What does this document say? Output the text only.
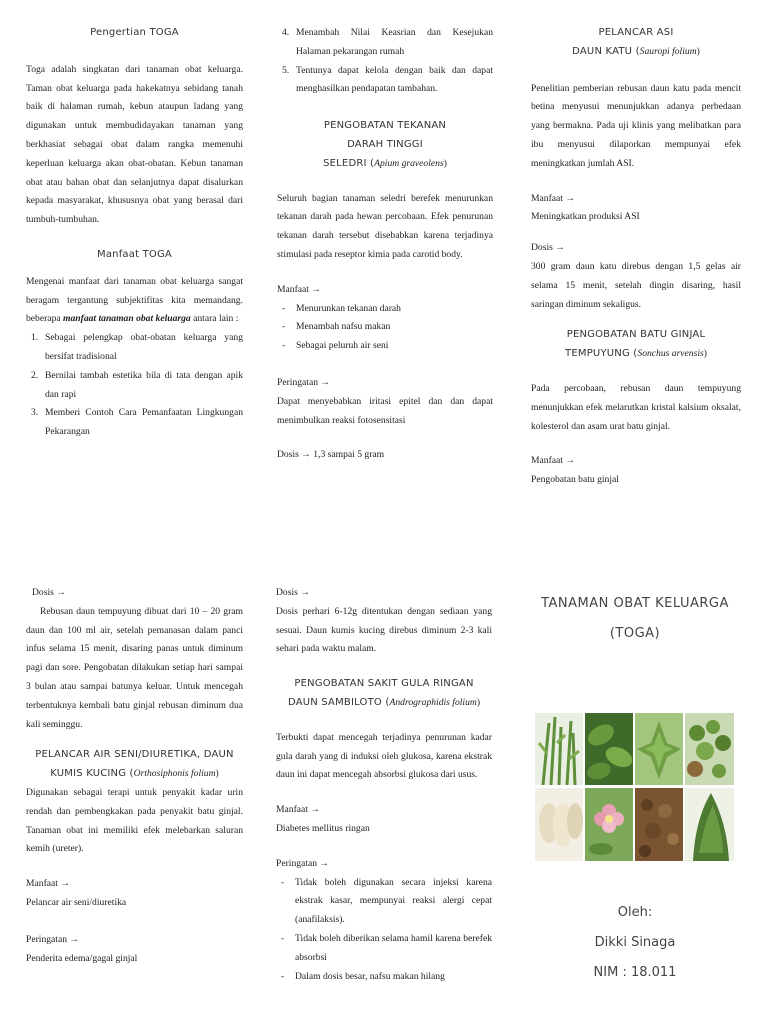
Pengertian TOGA
Toga adalah singkatan dari tanaman obat keluarga. Taman obat keluarga pada hakekatnya sebidang tanah baik di halaman rumah, kebun ataupun ladang yang digunakan untuk membudidayakan tanaman yang berkhasiat sebagai obat dalam rangka memenuhi keperluan keluarga akan obat-obatan. Kebun tanaman obat atau bahan obat dan selanjutnya dapat disalurkan kepada masyarakat, khususnya obat yang berasal dari tumbuh-tumbuhan.
Manfaat TOGA
Mengenai manfaat dari tanaman obat keluarga sangat beragam tergantung subjektifitas kita memandang. beberapa manfaat tanaman obat keluarga antara lain :
1. Sebagai pelengkap obat-obatan keluarga yang bersifat tradisional
2. Bernilai tambah estetika bila di tata dengan apik dan rapi
3. Memberi Contoh Cara Pemanfaatan Lingkungan Pekarangan
4. Menambah Nilai Keasrian dan Kesejukan Halaman pekarangan rumah
5. Tentunya dapat kelola dengan baik dan dapat menghasilkan pendapatan tambahan.
PENGOBATAN TEKANAN DARAH TINGGI
SELEDRI (Apium graveolens)
Seluruh bagian tanaman seledri berefek menurunkan tekanan darah pada hewan percobaan. Efek penurunan tekanan darah tersebut disebabkan karena terjadinya stimulasi pada reseptor kimia pada carotid body.
Manfaat →
- Menurunkan tekanan darah
- Menambah nafsu makan
- Sebagai peluruh air seni
Peringatan →
Dapat menyebabkan iritasi epitel dan dan dapat menimbulkan reaksi fotosensitasi
Dosis → 1,3 sampai 5 gram
PELANCAR ASI
DAUN KATU (Sauropi folium)
Penelitian pemberian rebusan daun katu pada mencit betina menyusui menunjukkan adanya perbedaan yang bermakna. Pada uji klinis yang melibatkan para ibu menyusui dilaporkan mempunyai efek meningkatkan jumlah ASI.
Manfaat →
Meningkatkan produksi ASI
Dosis →
300 gram daun katu direbus dengan 1,5 gelas air selama 15 menit, setelah dingin disaring, hasil saringan diminum sekaligus.
PENGOBATAN BATU GINJAL
TEMPUYUNG (Sonchus arvensis)
Pada percobaan, rebusan daun tempuyung menunjukkan efek melarutkan kristal kalsium oksalat, kolesterol dan asam urat batu ginjal.
Manfaat →
Pengobatan batu ginjal
Dosis →
Rebusan daun tempuyung dibuat dari 10 – 20 gram daun dan 100 ml air, setelah pemanasan dalam panci infus selama 15 menit, disaring panas untuk diminum pagi dan sore. Pengobatan dilakukan setiap hari sampai 3 bulan atau sampai batunya keluar. Untuk mencegah terbentuknya kembali batu ginjal rebusan diminum dua kali seminggu.
PELANCAR AIR SENI/DIURETIKA, DAUN KUMIS KUCING (Orthosiphonis folium)
Digunakan sebagai terapi untuk penyakit kadar urin rendah dan pembengkakan pada penyakit batu ginjal. Tanaman obat ini memiliki efek melebarkan saluran kemih (ureter).
Manfaat →
Pelancar air seni/diuretika
Peringatan →
Penderita edema/gagal ginjal
Dosis →
Dosis perhari 6-12g ditentukan dengan sediaan yang sesuai. Daun kumis kucing direbus diminum 2-3 kali sehari pada waktu malam.
PENGOBATAN SAKIT GULA RINGAN
DAUN SAMBILOTO (Andrographidis folium)
Terbukti dapat mencegah terjadinya penurunan kadar gula darah yang di induksi oleh glukosa, karena ekstrak daun ini dapat mencegah absorbsi glukosa dari usus.
Manfaat →
Diabetes mellitus ringan
Peringatan →
- Tidak boleh digunakan secara injeksi karena ekstrak kasar, mempunyai reaksi alergi cepat (anafilaksis).
- Tidak boleh diberikan selama hamil karena berefek absorbsi
- Dalam dosis besar, nafsu makan hilang
TANAMAN OBAT KELUARGA
(TOGA)
Oleh:
Dikki Sinaga
NIM : 18.011
